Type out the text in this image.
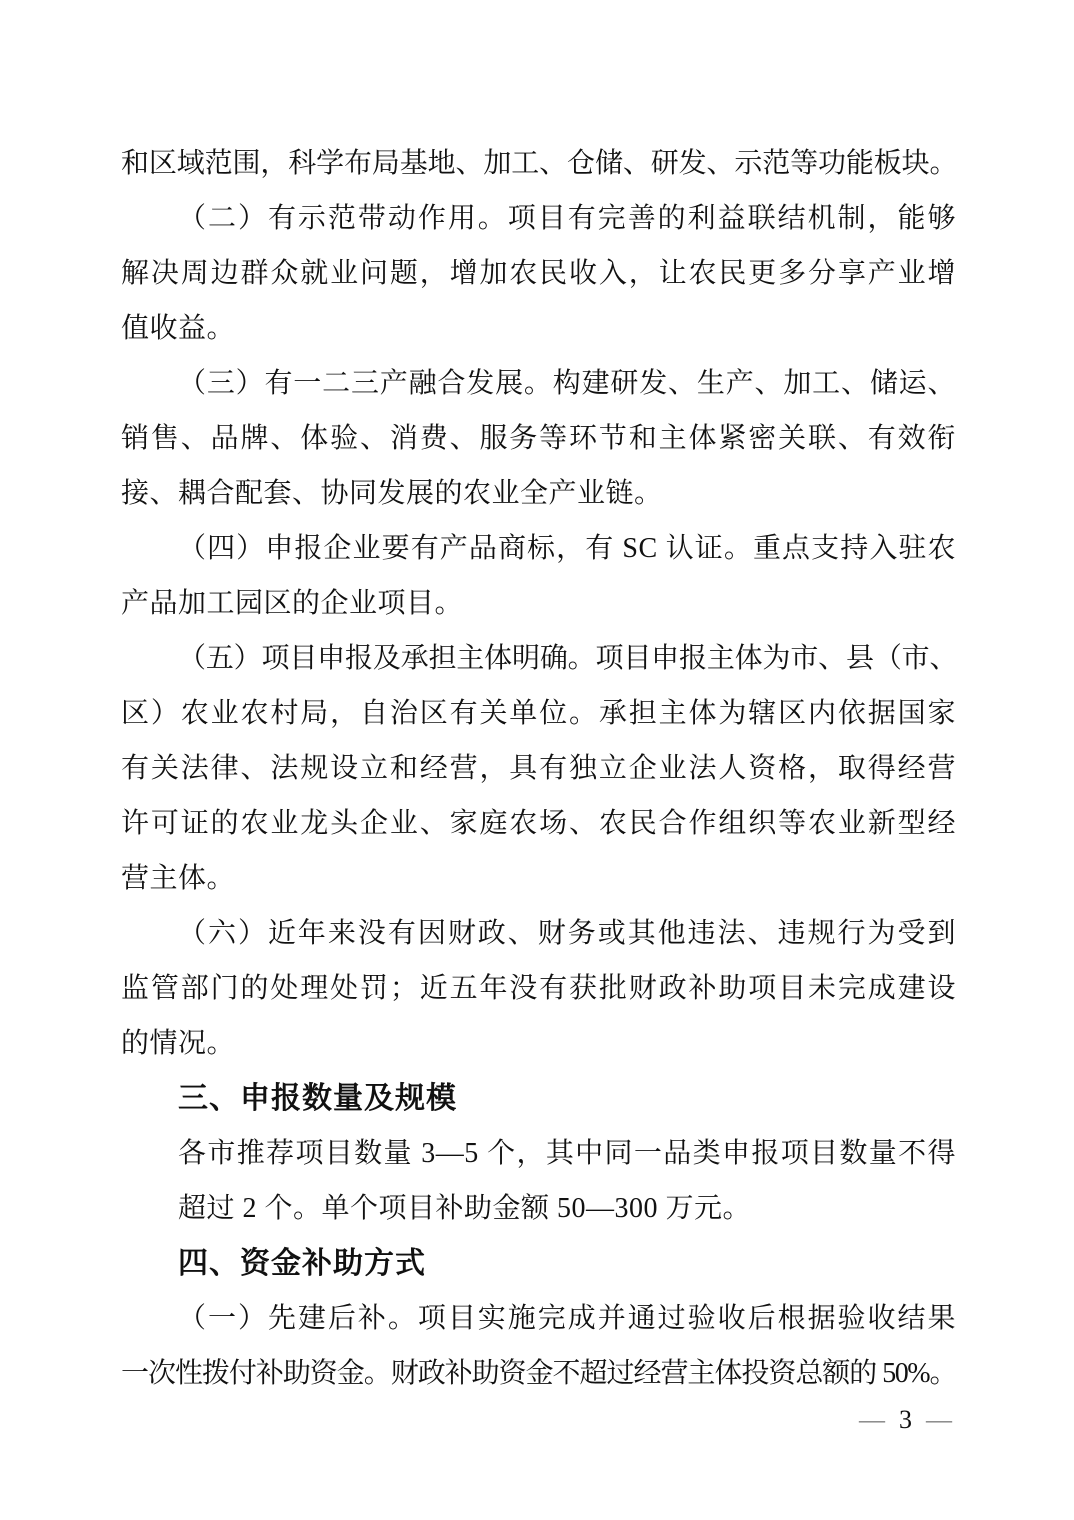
和区域范围，科学布局基地、加工、仓储、研发、示范等功能板块。
（二）有示范带动作用。项目有完善的利益联结机制，能够
解决周边群众就业问题，增加农民收入，让农民更多分享产业增
值收益。
（三）有一二三产融合发展。构建研发、生产、加工、储运、
销售、品牌、体验、消费、服务等环节和主体紧密关联、有效衔
接、耦合配套、协同发展的农业全产业链。
（四）申报企业要有产品商标，有 SC 认证。重点支持入驻农
产品加工园区的企业项目。
（五）项目申报及承担主体明确。项目申报主体为市、县（市、
区）农业农村局，自治区有关单位。承担主体为辖区内依据国家
有关法律、法规设立和经营，具有独立企业法人资格，取得经营
许可证的农业龙头企业、家庭农场、农民合作组织等农业新型经
营主体。
（六）近年来没有因财政、财务或其他违法、违规行为受到
监管部门的处理处罚；近五年没有获批财政补助项目未完成建设
的情况。
三、申报数量及规模
各市推荐项目数量 3—5 个，其中同一品类申报项目数量不得
超过 2 个。单个项目补助金额 50—300 万元。
四、资金补助方式
（一）先建后补。项目实施完成并通过验收后根据验收结果
一次性拨付补助资金。财政补助资金不超过经营主体投资总额的 50%。
— 3 —
